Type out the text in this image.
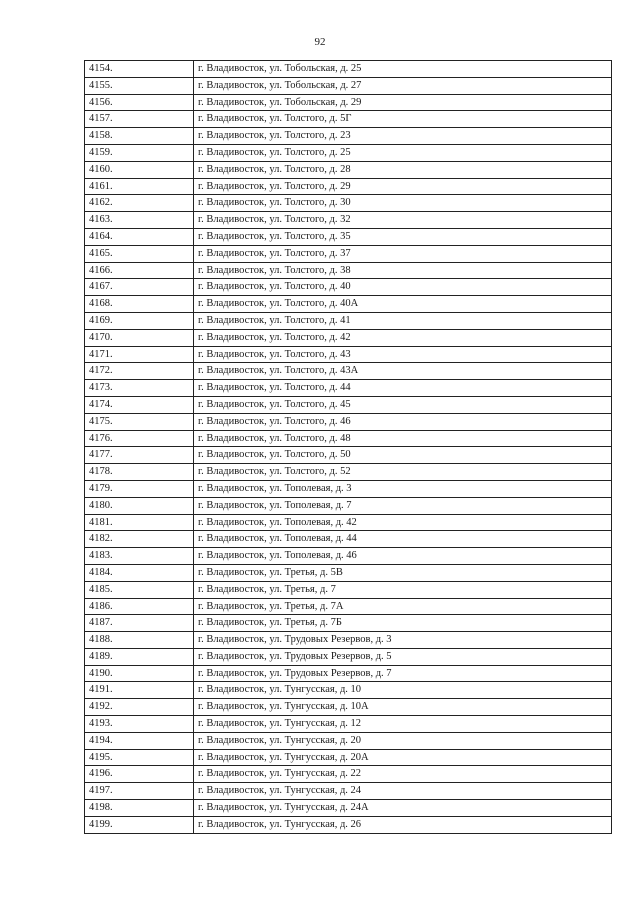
92
4154.	г. Владивосток, ул. Тобольская, д. 25
4155.	г. Владивосток, ул. Тобольская, д. 27
4156.	г. Владивосток, ул. Тобольская, д. 29
4157.	г. Владивосток, ул. Толстого, д. 5Г
4158.	г. Владивосток, ул. Толстого, д. 23
4159.	г. Владивосток, ул. Толстого, д. 25
4160.	г. Владивосток, ул. Толстого, д. 28
4161.	г. Владивосток, ул. Толстого, д. 29
4162.	г. Владивосток, ул. Толстого, д. 30
4163.	г. Владивосток, ул. Толстого, д. 32
4164.	г. Владивосток, ул. Толстого, д. 35
4165.	г. Владивосток, ул. Толстого, д. 37
4166.	г. Владивосток, ул. Толстого, д. 38
4167.	г. Владивосток, ул. Толстого, д. 40
4168.	г. Владивосток, ул. Толстого, д. 40А
4169.	г. Владивосток, ул. Толстого, д. 41
4170.	г. Владивосток, ул. Толстого, д. 42
4171.	г. Владивосток, ул. Толстого, д. 43
4172.	г. Владивосток, ул. Толстого, д. 43А
4173.	г. Владивосток, ул. Толстого, д. 44
4174.	г. Владивосток, ул. Толстого, д. 45
4175.	г. Владивосток, ул. Толстого, д. 46
4176.	г. Владивосток, ул. Толстого, д. 48
4177.	г. Владивосток, ул. Толстого, д. 50
4178.	г. Владивосток, ул. Толстого, д. 52
4179.	г. Владивосток, ул. Тополевая, д. 3
4180.	г. Владивосток, ул. Тополевая, д. 7
4181.	г. Владивосток, ул. Тополевая, д. 42
4182.	г. Владивосток, ул. Тополевая, д. 44
4183.	г. Владивосток, ул. Тополевая, д. 46
4184.	г. Владивосток, ул. Третья, д. 5В
4185.	г. Владивосток, ул. Третья, д. 7
4186.	г. Владивосток, ул. Третья, д. 7А
4187.	г. Владивосток, ул. Третья, д. 7Б
4188.	г. Владивосток, ул. Трудовых Резервов, д. 3
4189.	г. Владивосток, ул. Трудовых Резервов, д. 5
4190.	г. Владивосток, ул. Трудовых Резервов, д. 7
4191.	г. Владивосток, ул. Тунгусская, д. 10
4192.	г. Владивосток, ул. Тунгусская, д. 10А
4193.	г. Владивосток, ул. Тунгусская, д. 12
4194.	г. Владивосток, ул. Тунгусская, д. 20
4195.	г. Владивосток, ул. Тунгусская, д. 20А
4196.	г. Владивосток, ул. Тунгусская, д. 22
4197.	г. Владивосток, ул. Тунгусская, д. 24
4198.	г. Владивосток, ул. Тунгусская, д. 24А
4199.	г. Владивосток, ул. Тунгусская, д. 26
